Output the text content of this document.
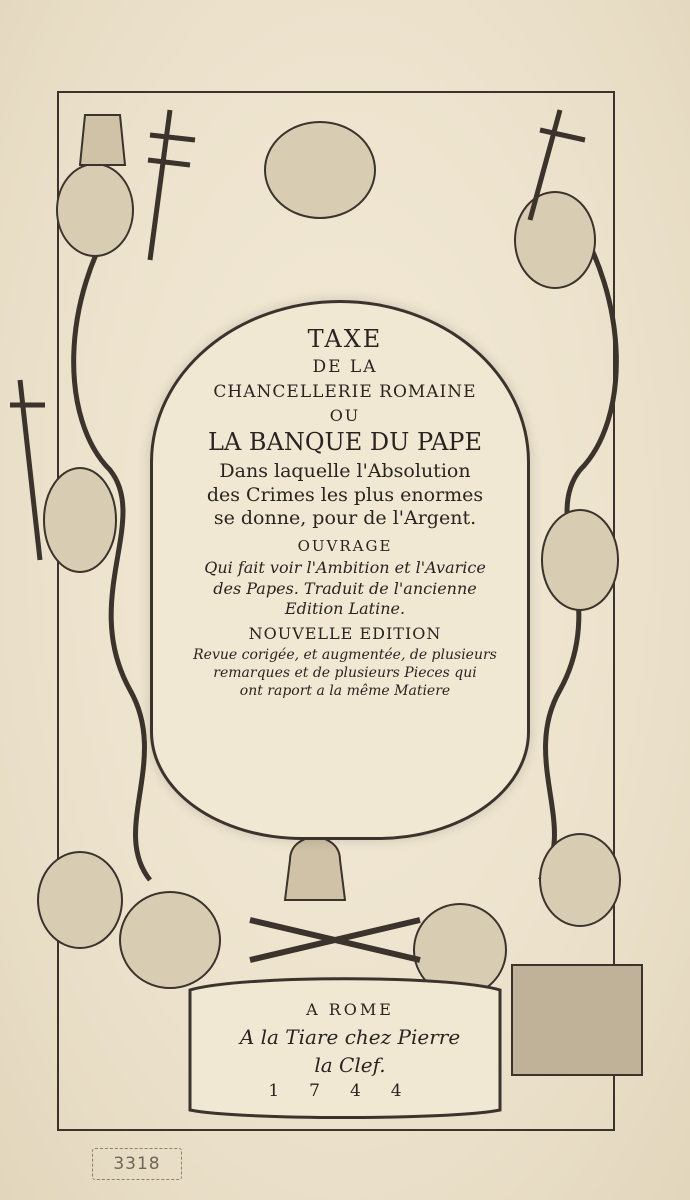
TAXE
DE LA
CHANCELLERIE ROMAINE
OU
LA BANQUE DU PAPE
Dans laquelle l'Absolution
des Crimes les plus enormes
se donne, pour de l'Argent.
OUVRAGE
Qui fait voir l'Ambition et l'Avarice
des Papes. Traduit de l'ancienne
Edition Latine.
NOUVELLE EDITION
Revue corigée, et augmentée, de plusieurs
remarques et de plusieurs Pieces qui
ont raport a la même Matiere
A ROME
A la Tiare chez Pierre
la Clef.
1744
3318
